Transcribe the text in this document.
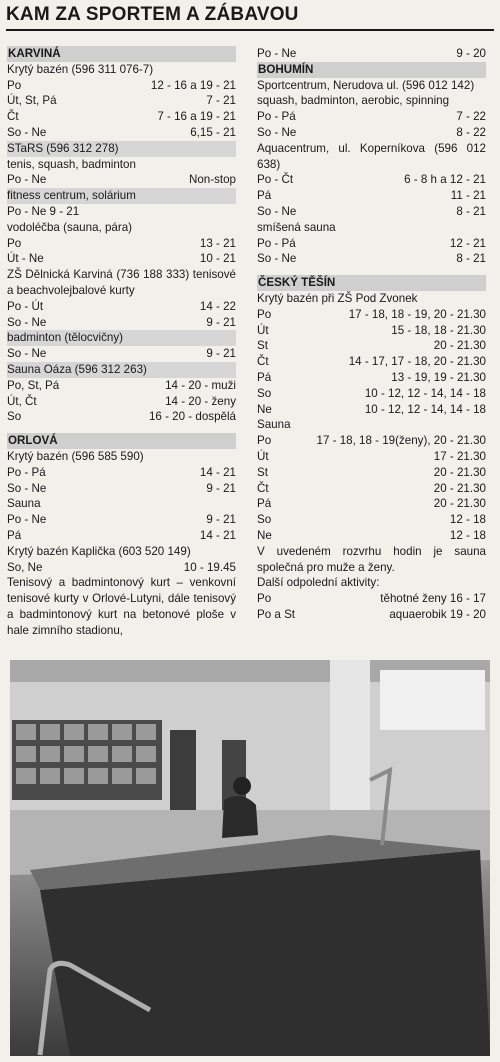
KAM ZA SPORTEM A ZÁBAVOU
KARVINÁ
Krytý bazén (596 311 076-7)
Po	12 - 16 a 19 - 21
Út, St, Pá	7 - 21
Čt	7 - 16 a 19 - 21
So - Ne	6,15 - 21
STaRS (596 312 278)
tenis, squash, badminton
Po - Ne	Non-stop
fitness centrum, solárium
Po - Ne 9 - 21
vodoléčba (sauna, pára)
Po	13 - 21
Út - Ne	10 - 21
ZŠ Dělnická Karviná (736 188 333) tenisové a beachvolejbalové kurty
Po - Út	14 - 22
So - Ne	9 - 21
badminton (tělocvičny)
So - Ne	9 - 21
Sauna Oáza (596 312 263)
Po, St, Pá	14 - 20 - muži
Út, Čt	14 - 20 - ženy
So	16 - 20 - dospělá
ORLOVÁ
Krytý bazén (596 585 590)
Po - Pá	14 - 21
So - Ne	9 - 21
Sauna
Po - Ne	9 - 21
Pá	14 - 21
Krytý bazén Kaplička (603 520 149)
So, Ne	10 - 19.45
Tenisový a badmintonový kurt – venkovní tenisové kurty v Orlové-Lutyni, dále tenisový a badmintonový kurt na betonové ploše v hale zimního stadionu,
Po - Ne	9 - 20
BOHUMÍN
Sportcentrum, Nerudova ul. (596 012 142)
squash, badminton, aerobic, spinning
Po - Pá	7 - 22
So - Ne	8 - 22
Aquacentrum, ul. Koperníkova (596 012 638)
Po - Čt	6 - 8 h a 12 - 21
Pá	11 - 21
So - Ne	8 - 21
smíšená sauna
Po - Pá	12 - 21
So - Ne	8 - 21
ČESKÝ TĚŠÍN
Krytý bazén při ZŠ Pod Zvonek
Po	17 - 18, 18 - 19, 20 - 21.30
Út	15 - 18, 18 - 21.30
St	20 - 21.30
Čt	14 - 17, 17 - 18, 20 - 21.30
Pá	13 - 19, 19 - 21.30
So	10 - 12, 12 - 14, 14 - 18
Ne	10 - 12, 12 - 14, 14 - 18
Sauna
Po	17 - 18, 18 - 19(ženy), 20 - 21.30
Út	17 - 21.30
St	20 - 21.30
Čt	20 - 21.30
Pá	20 - 21.30
So	12 - 18
Ne	12 - 18
V uvedeném rozvrhu hodin je sauna společná pro muže a ženy.
Další odpolední aktivity:
Po	těhotné ženy 16 - 17
Po a St	aquaerobik 19 - 20
